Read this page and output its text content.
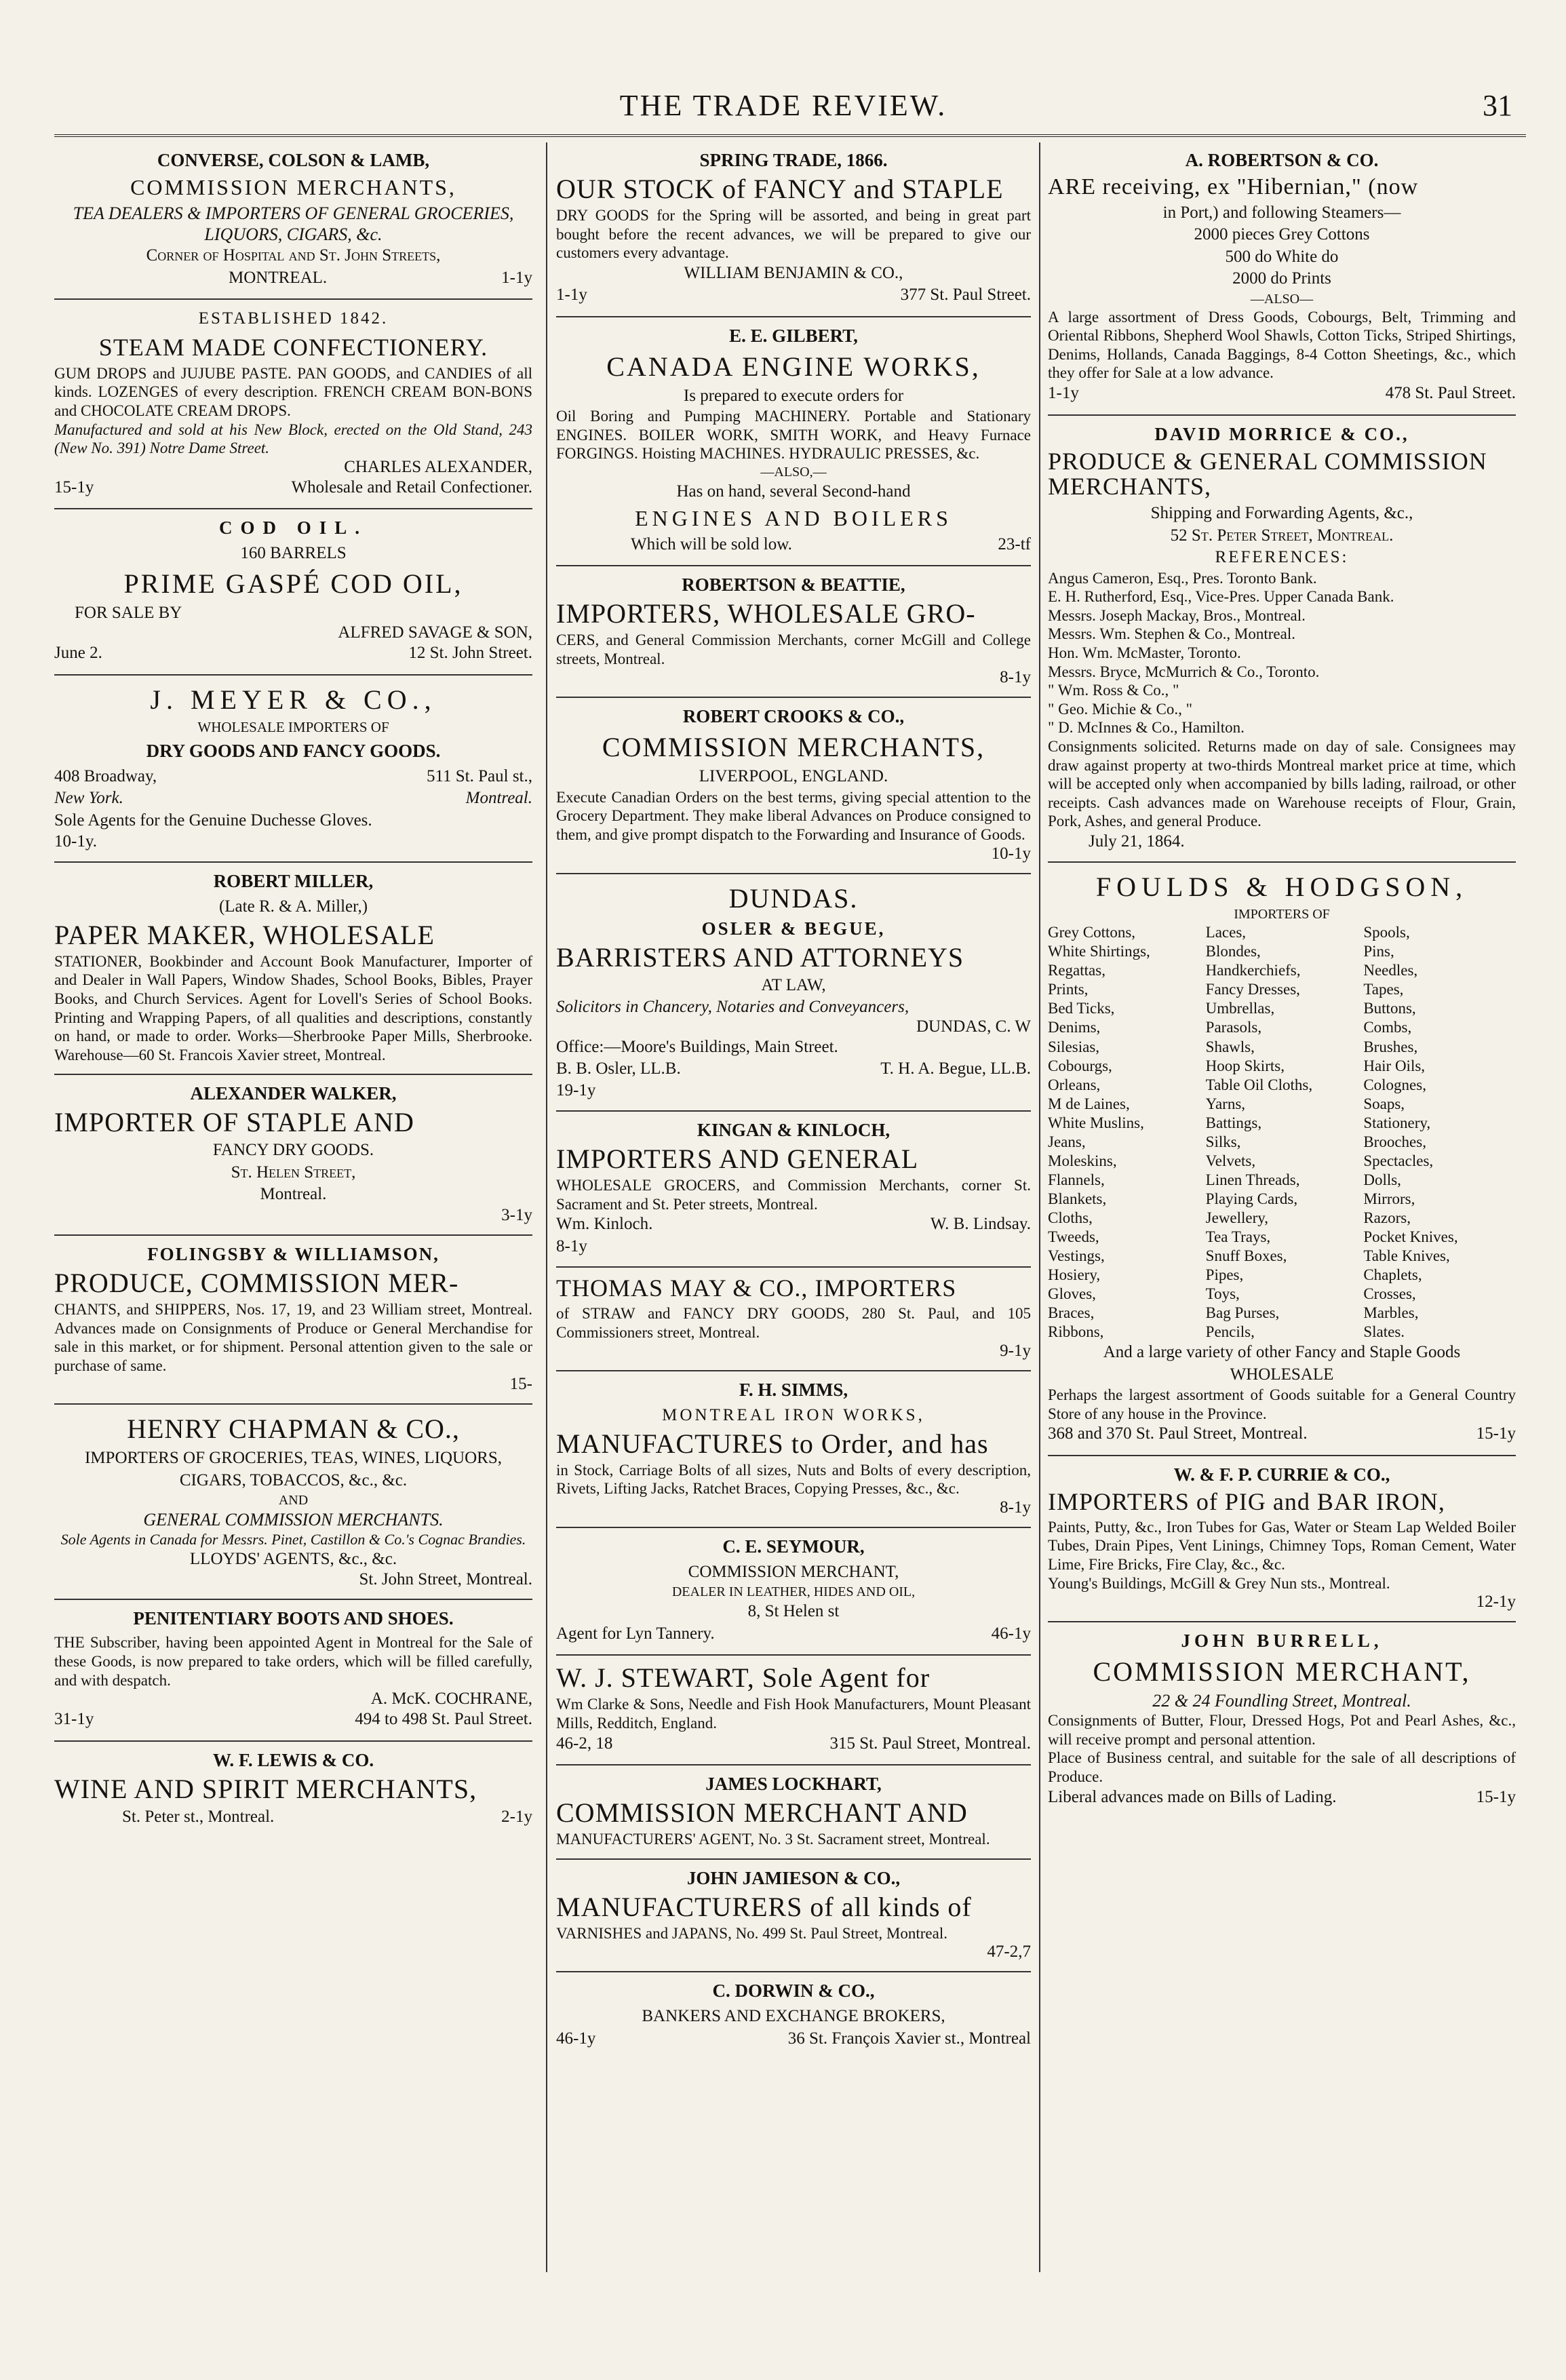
THE TRADE REVIEW.	31
CONVERSE, COLSON & LAMB,
COMMISSION MERCHANTS,
TEA DEALERS & IMPORTERS OF GENERAL GROCERIES, LIQUORS, CIGARS, &c.
Corner of Hospital and St. John Streets,
MONTREAL.	1-1y
ESTABLISHED 1842.
STEAM MADE CONFECTIONERY.

GUM DROPS and JUJUBE PASTE. PAN GOODS, and CANDIES of all kinds. LOZENGES of every description. FRENCH CREAM BON-BONS and CHOCOLATE CREAM DROPS.

Manufactured and sold at his New Block, erected on the Old Stand, 243 (New No. 391) Notre Dame Street.

CHARLES ALEXANDER,
15-1y	Wholesale and Retail Confectioner.
COD OIL.
160 BARRELS
PRIME GASPÉ COD OIL,
FOR SALE BY
ALFRED SAVAGE & SON,
June 2.	12 St. John Street.
J. MEYER & CO.,
WHOLESALE IMPORTERS OF
DRY GOODS AND FANCY GOODS.
408 Broadway,	511 St. Paul st.,
New York.	Montreal.
Sole Agents for the Genuine Duchesse Gloves.
10-1y.
ROBERT MILLER,
(Late R. & A. Miller,)
PAPER MAKER, WHOLESALE

STATIONER, Bookbinder and Account Book Manufacturer, Importer of and Dealer in Wall Papers, Window Shades, School Books, Bibles, Prayer Books, and Church Services. Agent for Lovell's Series of School Books. Printing and Wrapping Papers, of all qualities and descriptions, constantly on hand, or made to order. Works—Sherbrooke Paper Mills, Sherbrooke. Warehouse—60 St. Francois Xavier street, Montreal.

ALEXANDER WALKER,
IMPORTER OF STAPLE AND
FANCY DRY GOODS.
St. Helen Street,
Montreal.
3-1y
FOLINGSBY & WILLIAMSON,
PRODUCE, COMMISSION MER-

CHANTS, and SHIPPERS, Nos. 17, 19, and 23 William street, Montreal. Advances made on Consignments of Produce or General Merchandise for sale in this market, or for shipment. Personal attention given to the sale or purchase of same.

15-
HENRY CHAPMAN & CO.,
IMPORTERS OF GROCERIES, TEAS, WINES, LIQUORS, CIGARS, TOBACCOS, &c., &c.
AND
GENERAL COMMISSION MERCHANTS.
Sole Agents in Canada for Messrs. Pinet, Castillon & Co.'s Cognac Brandies.
LLOYDS' AGENTS, &c., &c.
St. John Street, Montreal.
PENITENTIARY BOOTS AND SHOES.

THE Subscriber, having been appointed Agent in Montreal for the Sale of these Goods, is now prepared to take orders, which will be filled carefully, and with despatch.

A. McK. COCHRANE,
31-1y	494 to 498 St. Paul Street.
W. F. LEWIS & CO.
WINE AND SPIRIT MERCHANTS,
St. Peter st., Montreal.	2-1y
SPRING TRADE, 1866.
OUR STOCK of FANCY and STAPLE

DRY GOODS for the Spring will be assorted, and being in great part bought before the recent advances, we will be prepared to give our customers every advantage.

WILLIAM BENJAMIN & CO.,
1-1y	377 St. Paul Street.
E. E. GILBERT,
CANADA ENGINE WORKS,
Is prepared to execute orders for

Oil Boring and Pumping MACHINERY. Portable and Stationary ENGINES. BOILER WORK, SMITH WORK, and Heavy Furnace FORGINGS. Hoisting MACHINES. HYDRAULIC PRESSES, &c.

—ALSO,—
Has on hand, several Second-hand
ENGINES AND BOILERS
Which will be sold low.	23-tf
ROBERTSON & BEATTIE,
IMPORTERS, WHOLESALE GRO-

CERS, and General Commission Merchants, corner McGill and College streets, Montreal.

8-1y
ROBERT CROOKS & CO.,
COMMISSION MERCHANTS,
LIVERPOOL, ENGLAND.

Execute Canadian Orders on the best terms, giving special attention to the Grocery Department. They make liberal Advances on Produce consigned to them, and give prompt dispatch to the Forwarding and Insurance of Goods.

10-1y
DUNDAS.
OSLER & BEGUE,
BARRISTERS AND ATTORNEYS
AT LAW,
Solicitors in Chancery, Notaries and Conveyancers,
DUNDAS, C. W
Office:—Moore's Buildings, Main Street.
B. B. Osler, LL.B.	T. H. A. Begue, LL.B.
19-1y
KINGAN & KINLOCH,
IMPORTERS AND GENERAL

WHOLESALE GROCERS, and Commission Merchants, corner St. Sacrament and St. Peter streets, Montreal.

Wm. Kinloch.	W. B. Lindsay.
8-1y
THOMAS MAY & CO., IMPORTERS

of STRAW and FANCY DRY GOODS, 280 St. Paul, and 105 Commissioners street, Montreal.

9-1y
F. H. SIMMS,
MONTREAL IRON WORKS,
MANUFACTURES to Order, and has

in Stock, Carriage Bolts of all sizes, Nuts and Bolts of every description, Rivets, Lifting Jacks, Ratchet Braces, Copying Presses, &c., &c.

8-1y
C. E. SEYMOUR,
COMMISSION MERCHANT,
DEALER IN LEATHER, HIDES AND OIL,
8, St Helen st
Agent for Lyn Tannery.	46-1y
W. J. STEWART, Sole Agent for

Wm Clarke & Sons, Needle and Fish Hook Manufacturers, Mount Pleasant Mills, Redditch, England.

46-2, 18	315 St. Paul Street, Montreal.
JAMES LOCKHART,
COMMISSION MERCHANT AND

MANUFACTURERS' AGENT, No. 3 St. Sacrament street, Montreal.

JOHN JAMIESON & CO.,
MANUFACTURERS of all kinds of

VARNISHES and JAPANS, No. 499 St. Paul Street, Montreal.

47-2,7
C. DORWIN & CO.,
BANKERS AND EXCHANGE BROKERS,
46-1y	36 St. François Xavier st., Montreal
A. ROBERTSON & CO.
ARE receiving, ex "Hibernian," (now
in Port,) and following Steamers—
2000 pieces Grey Cottons
500 do White do
2000 do Prints
—ALSO—

A large assortment of Dress Goods, Cobourgs, Belt, Trimming and Oriental Ribbons, Shepherd Wool Shawls, Cotton Ticks, Striped Shirtings, Denims, Hollands, Canada Baggings, 8-4 Cotton Sheetings, &c., which they offer for Sale at a low advance.

1-1y	478 St. Paul Street.
DAVID MORRICE & CO.,
PRODUCE & GENERAL COMMISSION MERCHANTS,
Shipping and Forwarding Agents, &c.,
52 St. Peter Street, Montreal.
REFERENCES:
Angus Cameron, Esq., Pres. Toronto Bank.
E. H. Rutherford, Esq., Vice-Pres. Upper Canada Bank.
Messrs. Joseph Mackay, Bros., Montreal.
Messrs. Wm. Stephen & Co., Montreal.
Hon. Wm. McMaster, Toronto.
Messrs. Bryce, McMurrich & Co., Toronto.
" Wm. Ross & Co., "
" Geo. Michie & Co., "
" D. McInnes & Co., Hamilton.

Consignments solicited. Returns made on day of sale. Consignees may draw against property at two-thirds Montreal market price at time, which will be accepted only when accompanied by bills lading, railroad, or other receipts. Cash advances made on Warehouse receipts of Flour, Grain, Pork, Ashes, and general Produce.

July 21, 1864.
FOULDS & HODGSON,
IMPORTERS OF
Grey Cottons,	Laces,	Spools,
White Shirtings,	Blondes,	Pins,
Regattas,	Handkerchiefs,	Needles,
Prints,	Fancy Dresses,	Tapes,
Bed Ticks,	Umbrellas,	Buttons,
Denims,	Parasols,	Combs,
Silesias,	Shawls,	Brushes,
Cobourgs,	Hoop Skirts,	Hair Oils,
Orleans,	Table Oil Cloths,	Colognes,
M de Laines,	Yarns,	Soaps,
White Muslins,	Battings,	Stationery,
Jeans,	Silks,	Brooches,
Moleskins,	Velvets,	Spectacles,
Flannels,	Linen Threads,	Dolls,
Blankets,	Playing Cards,	Mirrors,
Cloths,	Jewellery,	Razors,
Tweeds,	Tea Trays,	Pocket Knives,
Vestings,	Snuff Boxes,	Table Knives,
Hosiery,	Pipes,	Chaplets,
Gloves,	Toys,	Crosses,
Braces,	Bag Purses,	Marbles,
Ribbons,	Pencils,	Slates.
And a large variety of other Fancy and Staple Goods
WHOLESALE

Perhaps the largest assortment of Goods suitable for a General Country Store of any house in the Province.

368 and 370 St. Paul Street, Montreal.	15-1y
W. & F. P. CURRIE & CO.,
IMPORTERS of PIG and BAR IRON,

Paints, Putty, &c., Iron Tubes for Gas, Water or Steam Lap Welded Boiler Tubes, Drain Pipes, Vent Linings, Chimney Tops, Roman Cement, Water Lime, Fire Bricks, Fire Clay, &c., &c.

Young's Buildings, McGill & Grey Nun sts., Montreal.
12-1y
JOHN BURRELL,
COMMISSION MERCHANT,
22 & 24 Foundling Street, Montreal.

Consignments of Butter, Flour, Dressed Hogs, Pot and Pearl Ashes, &c., will receive prompt and personal attention.

Place of Business central, and suitable for the sale of all descriptions of Produce.

Liberal advances made on Bills of Lading.	15-1y
